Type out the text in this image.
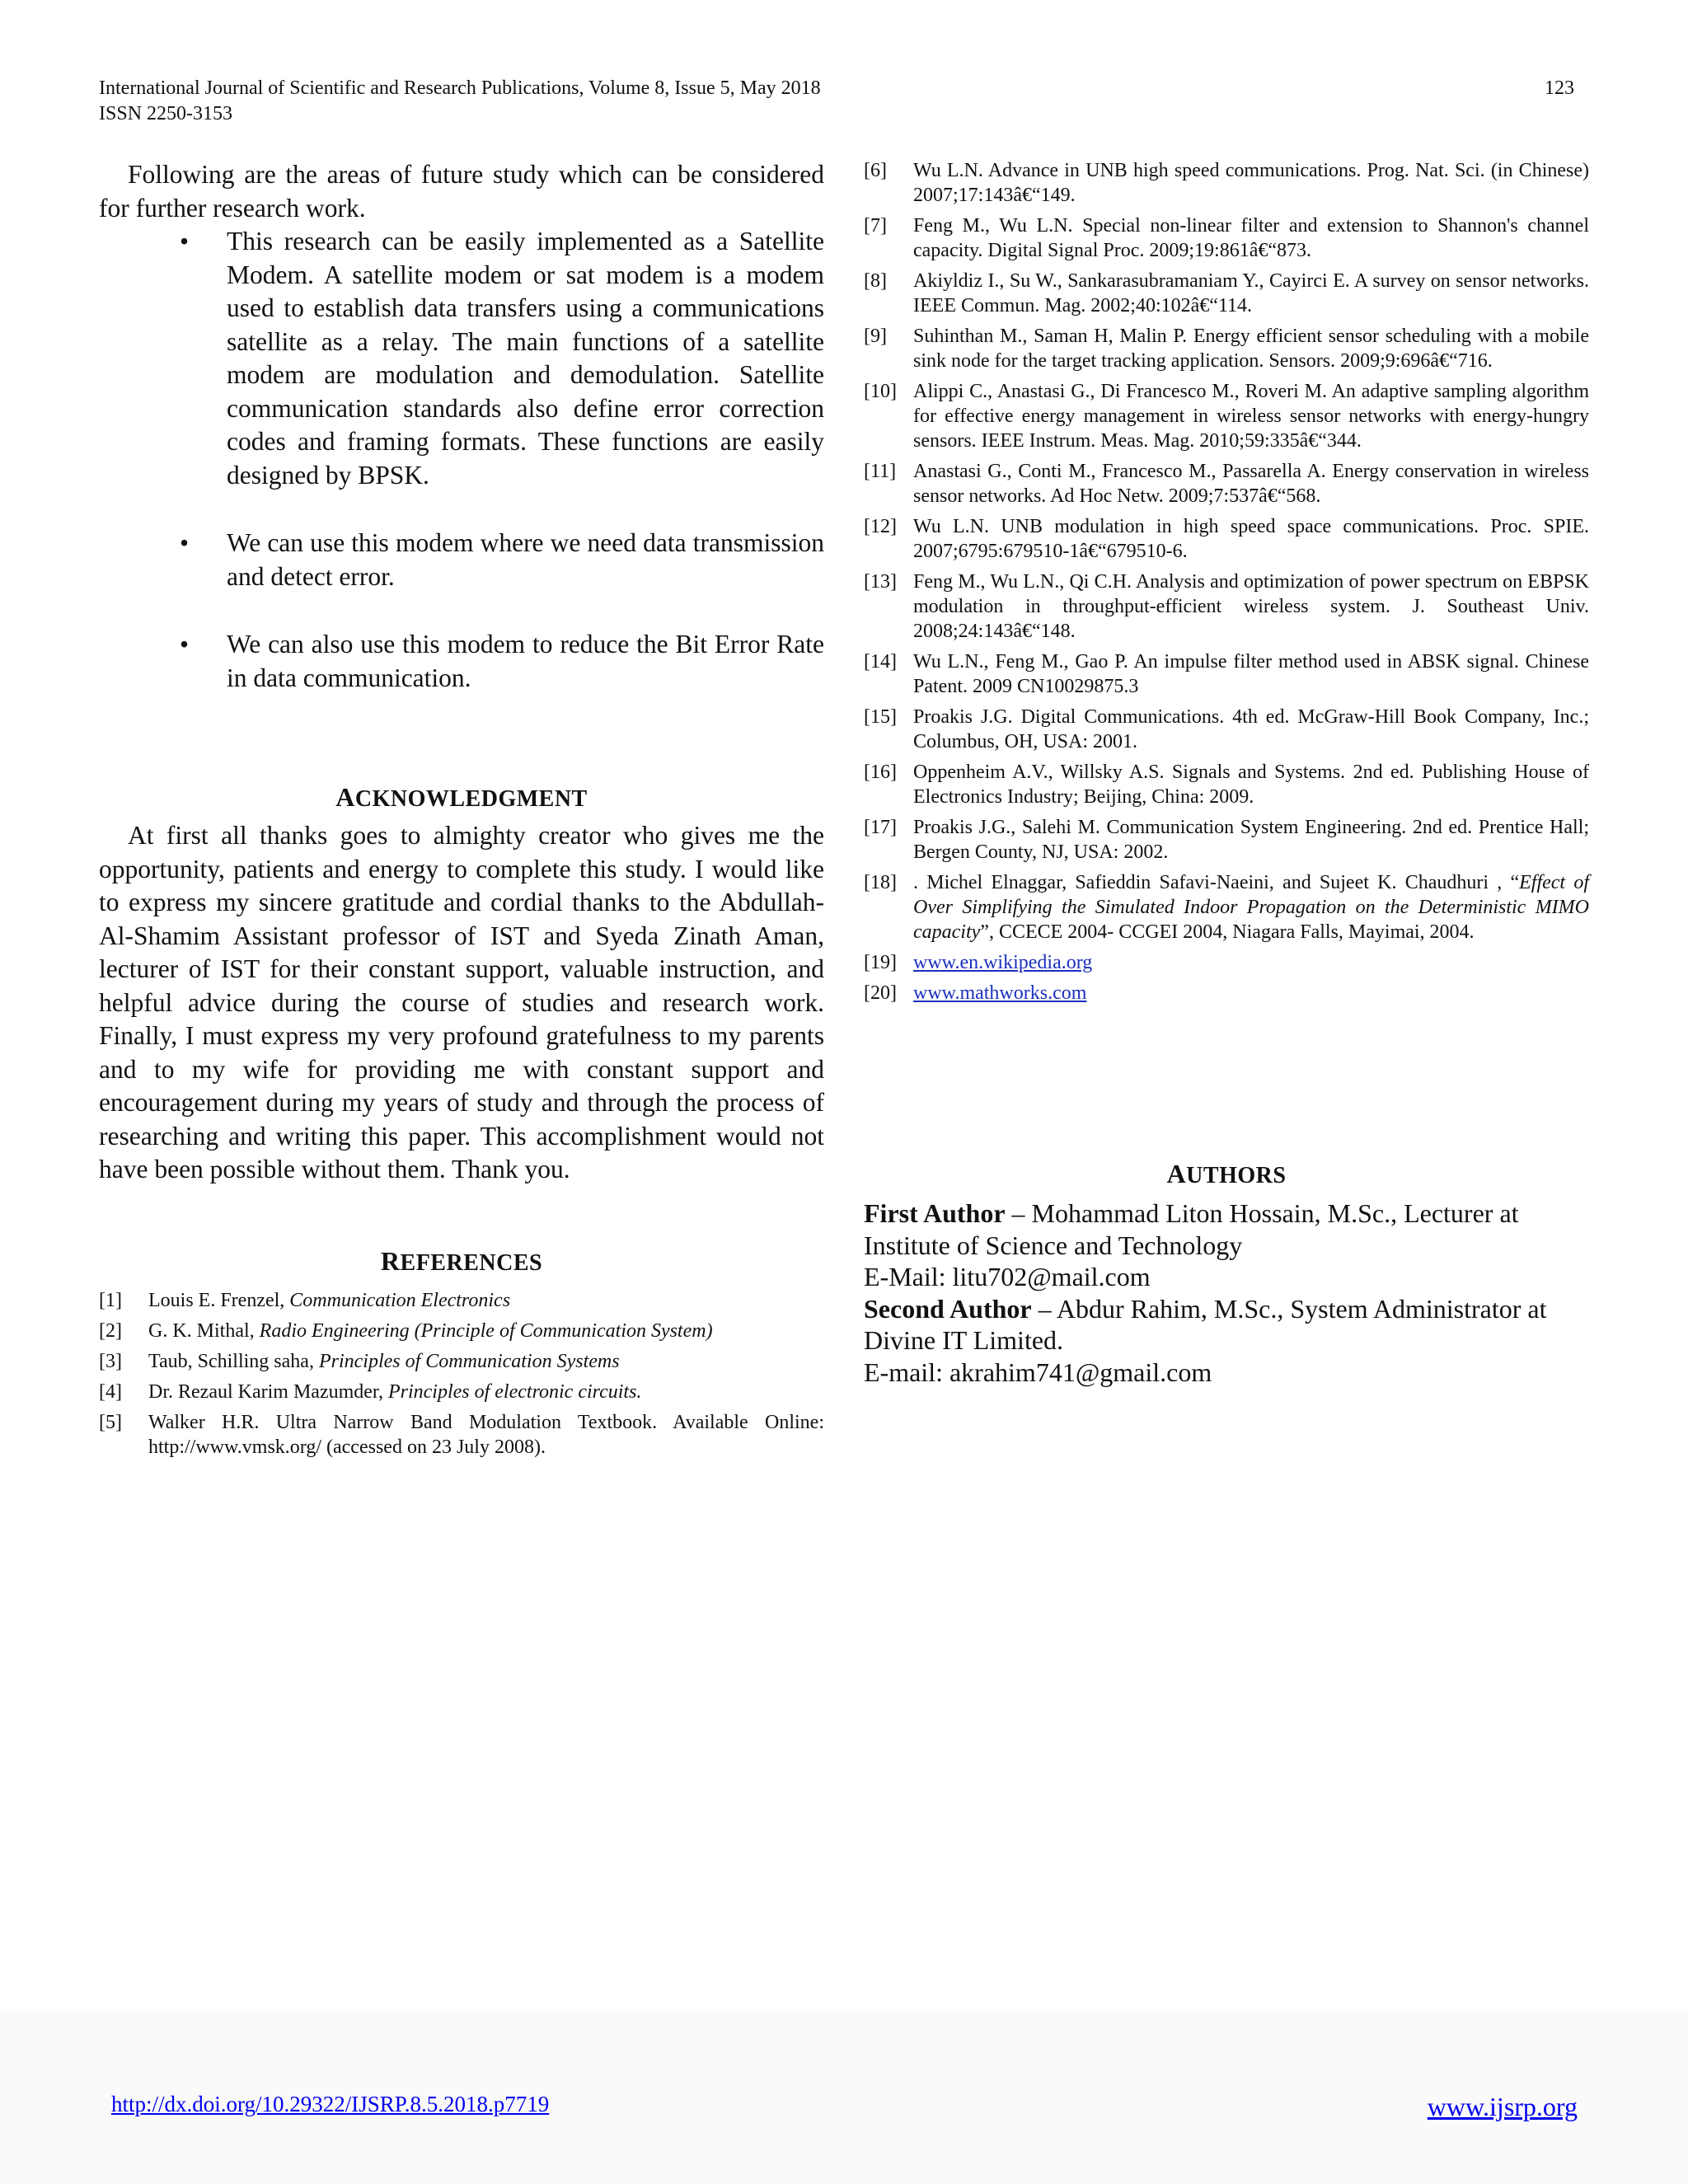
International Journal of Scientific and Research Publications, Volume 8, Issue 5, May 2018
ISSN 2250-3153
123

Following are the areas of future study which can be considered for further research work.

• This research can be easily implemented as a Satellite Modem. A satellite modem or sat modem is a modem used to establish data transfers using a communications satellite as a relay. The main functions of a satellite modem are modulation and demodulation. Satellite communication standards also define error correction codes and framing formats. These functions are easily designed by BPSK.
• We can use this modem where we need data transmission and detect error.
• We can also use this modem to reduce the Bit Error Rate in data communication.
ACKNOWLEDGMENT

At first all thanks goes to almighty creator who gives me the opportunity, patients and energy to complete this study. I would like to express my sincere gratitude and cordial thanks to the Abdullah-Al-Shamim Assistant professor of IST and Syeda Zinath Aman, lecturer of IST for their constant support, valuable instruction, and helpful advice during the course of studies and research work. Finally, I must express my very profound gratefulness to my parents and to my wife for providing me with constant support and encouragement during my years of study and through the process of researching and writing this paper. This accomplishment would not have been possible without them. Thank you.

REFERENCES
[1]	Louis E. Frenzel, Communication Electronics
[2]	G. K. Mithal, Radio Engineering (Principle of Communication System)
[3]	Taub, Schilling saha, Principles of Communication Systems
[4]	Dr. Rezaul Karim Mazumder, Principles of electronic circuits.
[5]	Walker H.R. Ultra Narrow Band Modulation Textbook. Available Online: http://www.vmsk.org/ (accessed on 23 July 2008).
[6]	Wu L.N. Advance in UNB high speed communications. Prog. Nat. Sci. (in Chinese) 2007;17:143â€“149.
[7]	Feng M., Wu L.N. Special non-linear filter and extension to Shannon's channel capacity. Digital Signal Proc. 2009;19:861â€“873.
[8]	Akiyldiz I., Su W., Sankarasubramaniam Y., Cayirci E. A survey on sensor networks. IEEE Commun. Mag. 2002;40:102â€“114.
[9]	Suhinthan M., Saman H, Malin P. Energy efficient sensor scheduling with a mobile sink node for the target tracking application. Sensors. 2009;9:696â€“716.
[10] Alippi C., Anastasi G., Di Francesco M., Roveri M. An adaptive sampling algorithm for effective energy management in wireless sensor networks with energy-hungry sensors. IEEE Instrum. Meas. Mag. 2010;59:335â€“344.
[11] Anastasi G., Conti M., Francesco M., Passarella A. Energy conservation in wireless sensor networks. Ad Hoc Netw. 2009;7:537â€“568.
[12] Wu L.N. UNB modulation in high speed space communications. Proc. SPIE. 2007;6795:679510-1â€“679510-6.
[13] Feng M., Wu L.N., Qi C.H. Analysis and optimization of power spectrum on EBPSK modulation in throughput-efficient wireless system. J. Southeast Univ. 2008;24:143â€“148.
[14] Wu L.N., Feng M., Gao P. An impulse filter method used in ABSK signal. Chinese Patent. 2009 CN10029875.3
[15] Proakis J.G. Digital Communications. 4th ed. McGraw-Hill Book Company, Inc.; Columbus, OH, USA: 2001.
[16] Oppenheim A.V., Willsky A.S. Signals and Systems. 2nd ed. Publishing House of Electronics Industry; Beijing, China: 2009.
[17] Proakis J.G., Salehi M. Communication System Engineering. 2nd ed. Prentice Hall; Bergen County, NJ, USA: 2002.
[18] . Michel Elnaggar, Safieddin Safavi-Naeini, and Sujeet K. Chaudhuri , “Effect of Over Simplifying the Simulated Indoor Propagation on the Deterministic MIMO capacity”, CCECE 2004- CCGEI 2004, Niagara Falls, Mayimai, 2004.
[19] www.en.wikipedia.org
[20] www.mathworks.com
AUTHORS

First Author – Mohammad Liton Hossain, M.Sc., Lecturer at Institute of Science and Technology

E-Mail: litu702@mail.com

Second Author – Abdur Rahim, M.Sc., System Administrator at Divine IT Limited.

E-mail: akrahim741@gmail.com

http://dx.doi.org/10.29322/IJSRP.8.5.2018.p7719	www.ijsrp.org
